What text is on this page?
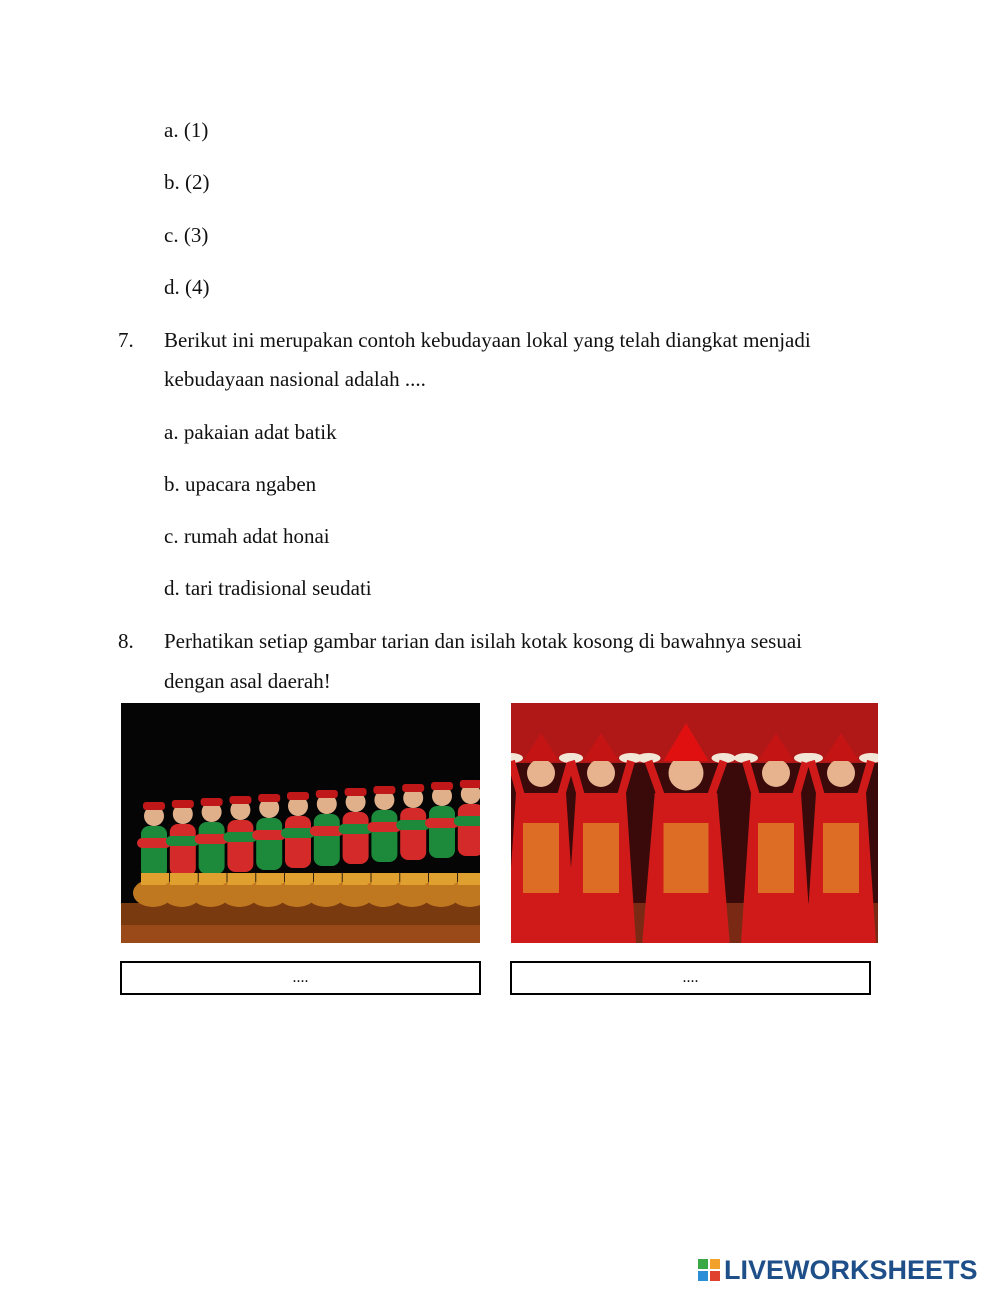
a. (1)
b. (2)
c. (3)
d. (4)
7. Berikut ini merupakan contoh kebudayaan lokal yang telah diangkat menjadi
kebudayaan nasional adalah ....
a. pakaian adat batik
b. upacara ngaben
c. rumah adat honai
d. tari tradisional seudati
8. Perhatikan setiap gambar tarian dan isilah kotak kosong di bawahnya sesuai
dengan asal daerah!
....	....
LIVEWORKSHEETS
